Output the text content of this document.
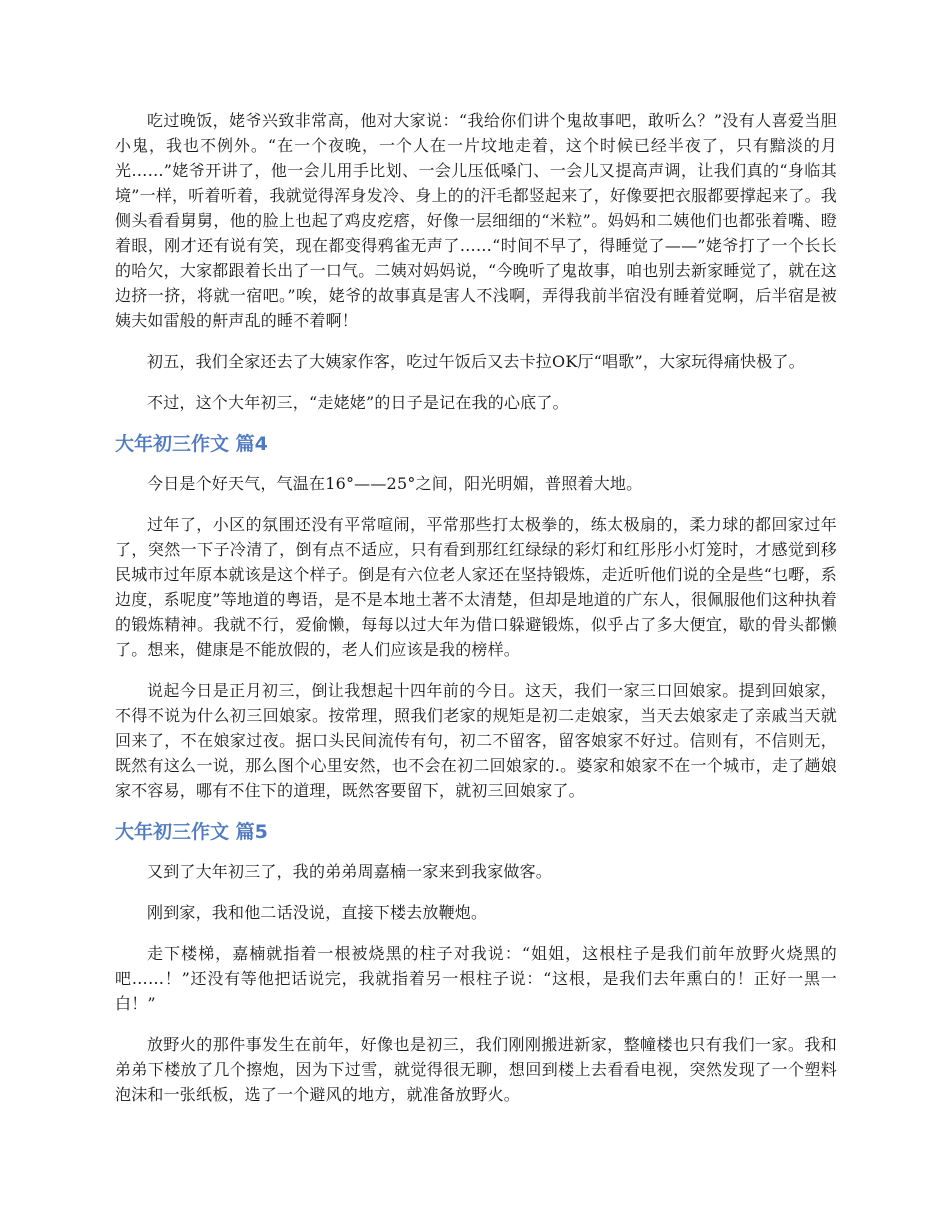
吃过晚饭，姥爷兴致非常高，他对大家说：“我给你们讲个鬼故事吧，敢听么？”没有人喜爱当胆小鬼，我也不例外。“在一个夜晚，一个人在一片坟地走着，这个时候已经半夜了，只有黯淡的月光……”姥爷开讲了，他一会儿用手比划、一会儿压低嗓门、一会儿又提高声调，让我们真的“身临其境”一样，听着听着，我就觉得浑身发冷、身上的的汗毛都竖起来了，好像要把衣服都要撑起来了。我侧头看看舅舅，他的脸上也起了鸡皮疙瘩，好像一层细细的“米粒”。妈妈和二姨他们也都张着嘴、瞪着眼，刚才还有说有笑，现在都变得鸦雀无声了……“时间不早了，得睡觉了——”姥爷打了一个长长的哈欠，大家都跟着长出了一口气。二姨对妈妈说，“今晚听了鬼故事，咱也别去新家睡觉了，就在这边挤一挤，将就一宿吧。”唉，姥爷的故事真是害人不浅啊，弄得我前半宿没有睡着觉啊，后半宿是被姨夫如雷般的鼾声乱的睡不着啊！

初五，我们全家还去了大姨家作客，吃过午饭后又去卡拉OK厅“唱歌”，大家玩得痛快极了。

不过，这个大年初三，“走姥姥”的日子是记在我的心底了。

大年初三作文 篇4

今日是个好天气，气温在16°——25°之间，阳光明媚，普照着大地。

过年了，小区的氛围还没有平常喧闹，平常那些打太极拳的，练太极扇的，柔力球的都回家过年了，突然一下子冷清了，倒有点不适应，只有看到那红红绿绿的彩灯和红彤彤小灯笼时，才感觉到移民城市过年原本就该是这个样子。倒是有六位老人家还在坚持锻炼，走近听他们说的全是些“乜嘢，系边度，系呢度”等地道的粤语，是不是本地土著不太清楚，但却是地道的广东人，很佩服他们这种执着的锻炼精神。我就不行，爱偷懒，每每以过大年为借口躲避锻炼，似乎占了多大便宜，歇的骨头都懒了。想来，健康是不能放假的，老人们应该是我的榜样。

说起今日是正月初三，倒让我想起十四年前的今日。这天，我们一家三口回娘家。提到回娘家，不得不说为什么初三回娘家。按常理，照我们老家的规矩是初二走娘家，当天去娘家走了亲戚当天就回来了，不在娘家过夜。据口头民间流传有句，初二不留客，留客娘家不好过。信则有，不信则无，既然有这么一说，那么图个心里安然，也不会在初二回娘家的.。婆家和娘家不在一个城市，走了趟娘家不容易，哪有不住下的道理，既然客要留下，就初三回娘家了。

大年初三作文 篇5

又到了大年初三了，我的弟弟周嘉楠一家来到我家做客。

刚到家，我和他二话没说，直接下楼去放鞭炮。

走下楼梯，嘉楠就指着一根被烧黑的柱子对我说：“姐姐，这根柱子是我们前年放野火烧黑的吧……！”还没有等他把话说完，我就指着另一根柱子说：“这根，是我们去年熏白的！正好一黑一白！”

放野火的那件事发生在前年，好像也是初三，我们刚刚搬进新家，整幢楼也只有我们一家。我和弟弟下楼放了几个擦炮，因为下过雪，就觉得很无聊，想回到楼上去看看电视，突然发现了一个塑料泡沫和一张纸板，选了一个避风的地方，就准备放野火。
